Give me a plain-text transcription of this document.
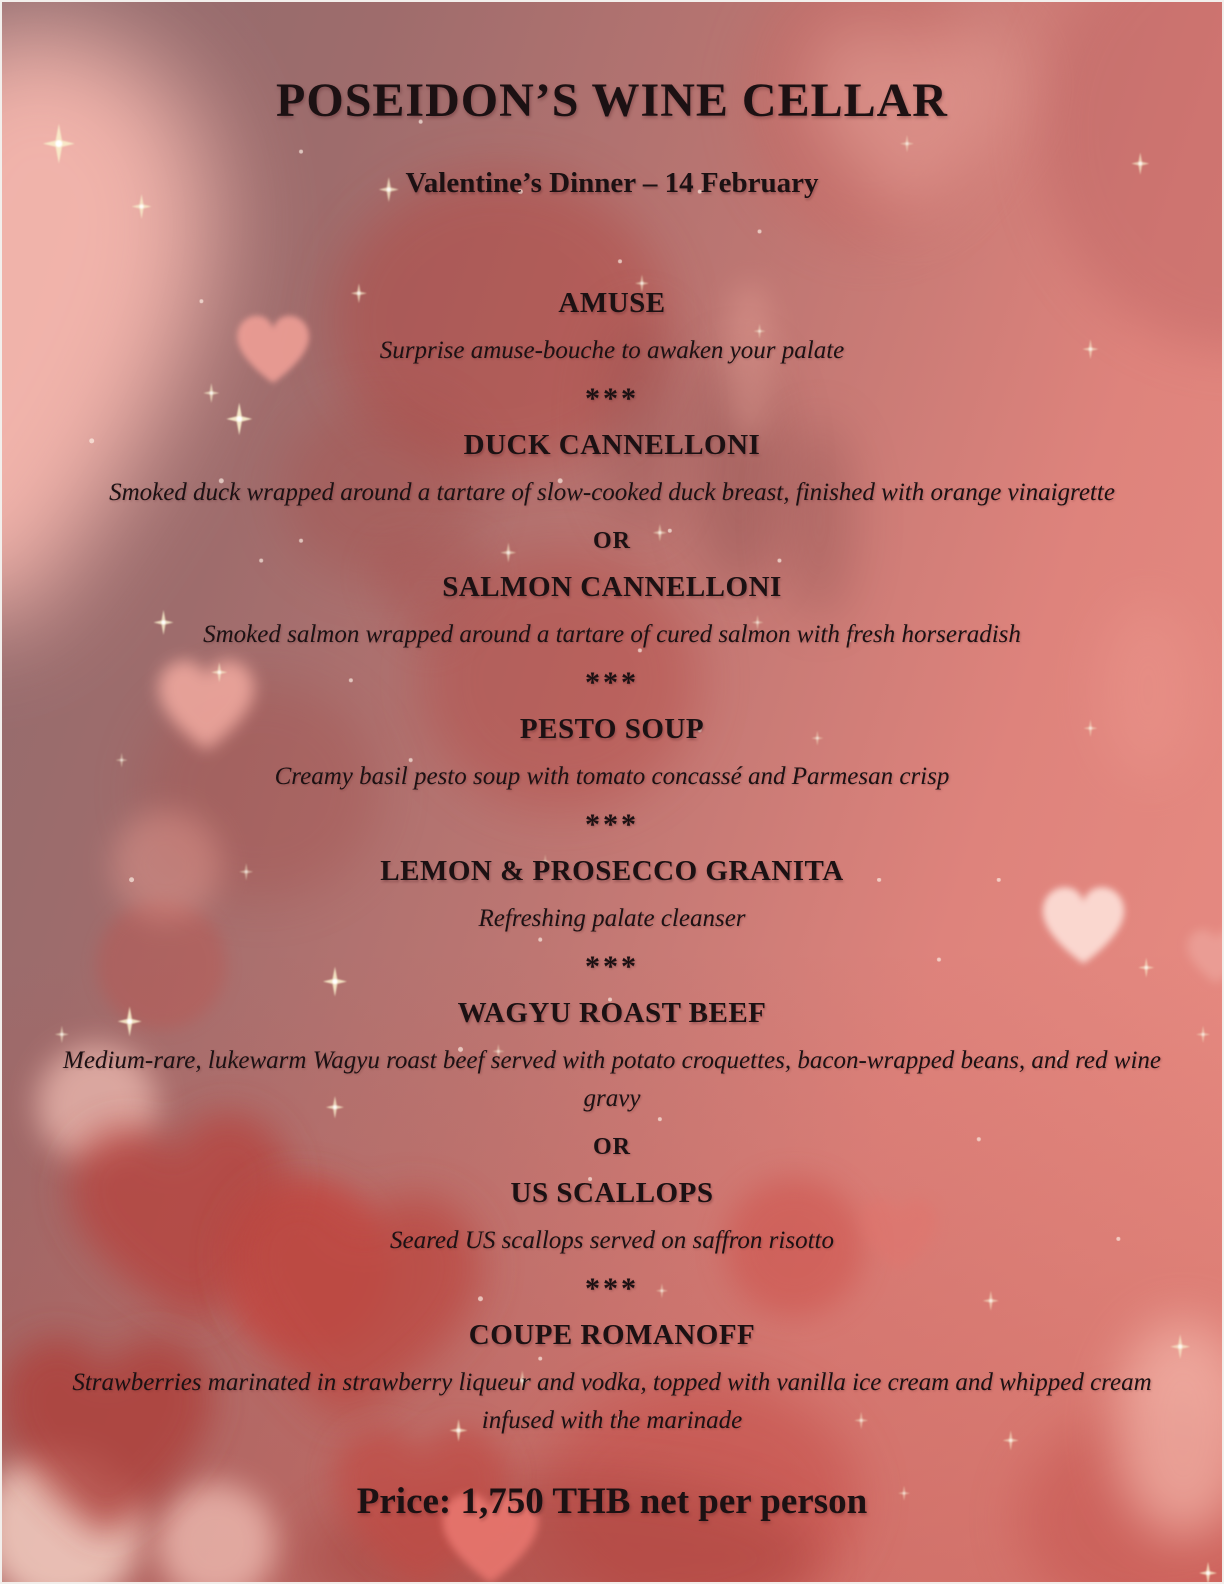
POSEIDON’S WINE CELLAR
Valentine’s Dinner – 14 February
AMUSE
Surprise amuse-bouche to awaken your palate
***
DUCK CANNELLONI
Smoked duck wrapped around a tartare of slow-cooked duck breast, finished with orange vinaigrette
OR
SALMON CANNELLONI
Smoked salmon wrapped around a tartare of cured salmon with fresh horseradish
***
PESTO SOUP
Creamy basil pesto soup with tomato concassé and Parmesan crisp
***
LEMON & PROSECCO GRANITA
Refreshing palate cleanser
***
WAGYU ROAST BEEF
Medium-rare, lukewarm Wagyu roast beef served with potato croquettes, bacon-wrapped beans, and red wine gravy
OR
US SCALLOPS
Seared US scallops served on saffron risotto
***
COUPE ROMANOFF
Strawberries marinated in strawberry liqueur and vodka, topped with vanilla ice cream and whipped cream infused with the marinade
Price: 1,750 THB net per person
